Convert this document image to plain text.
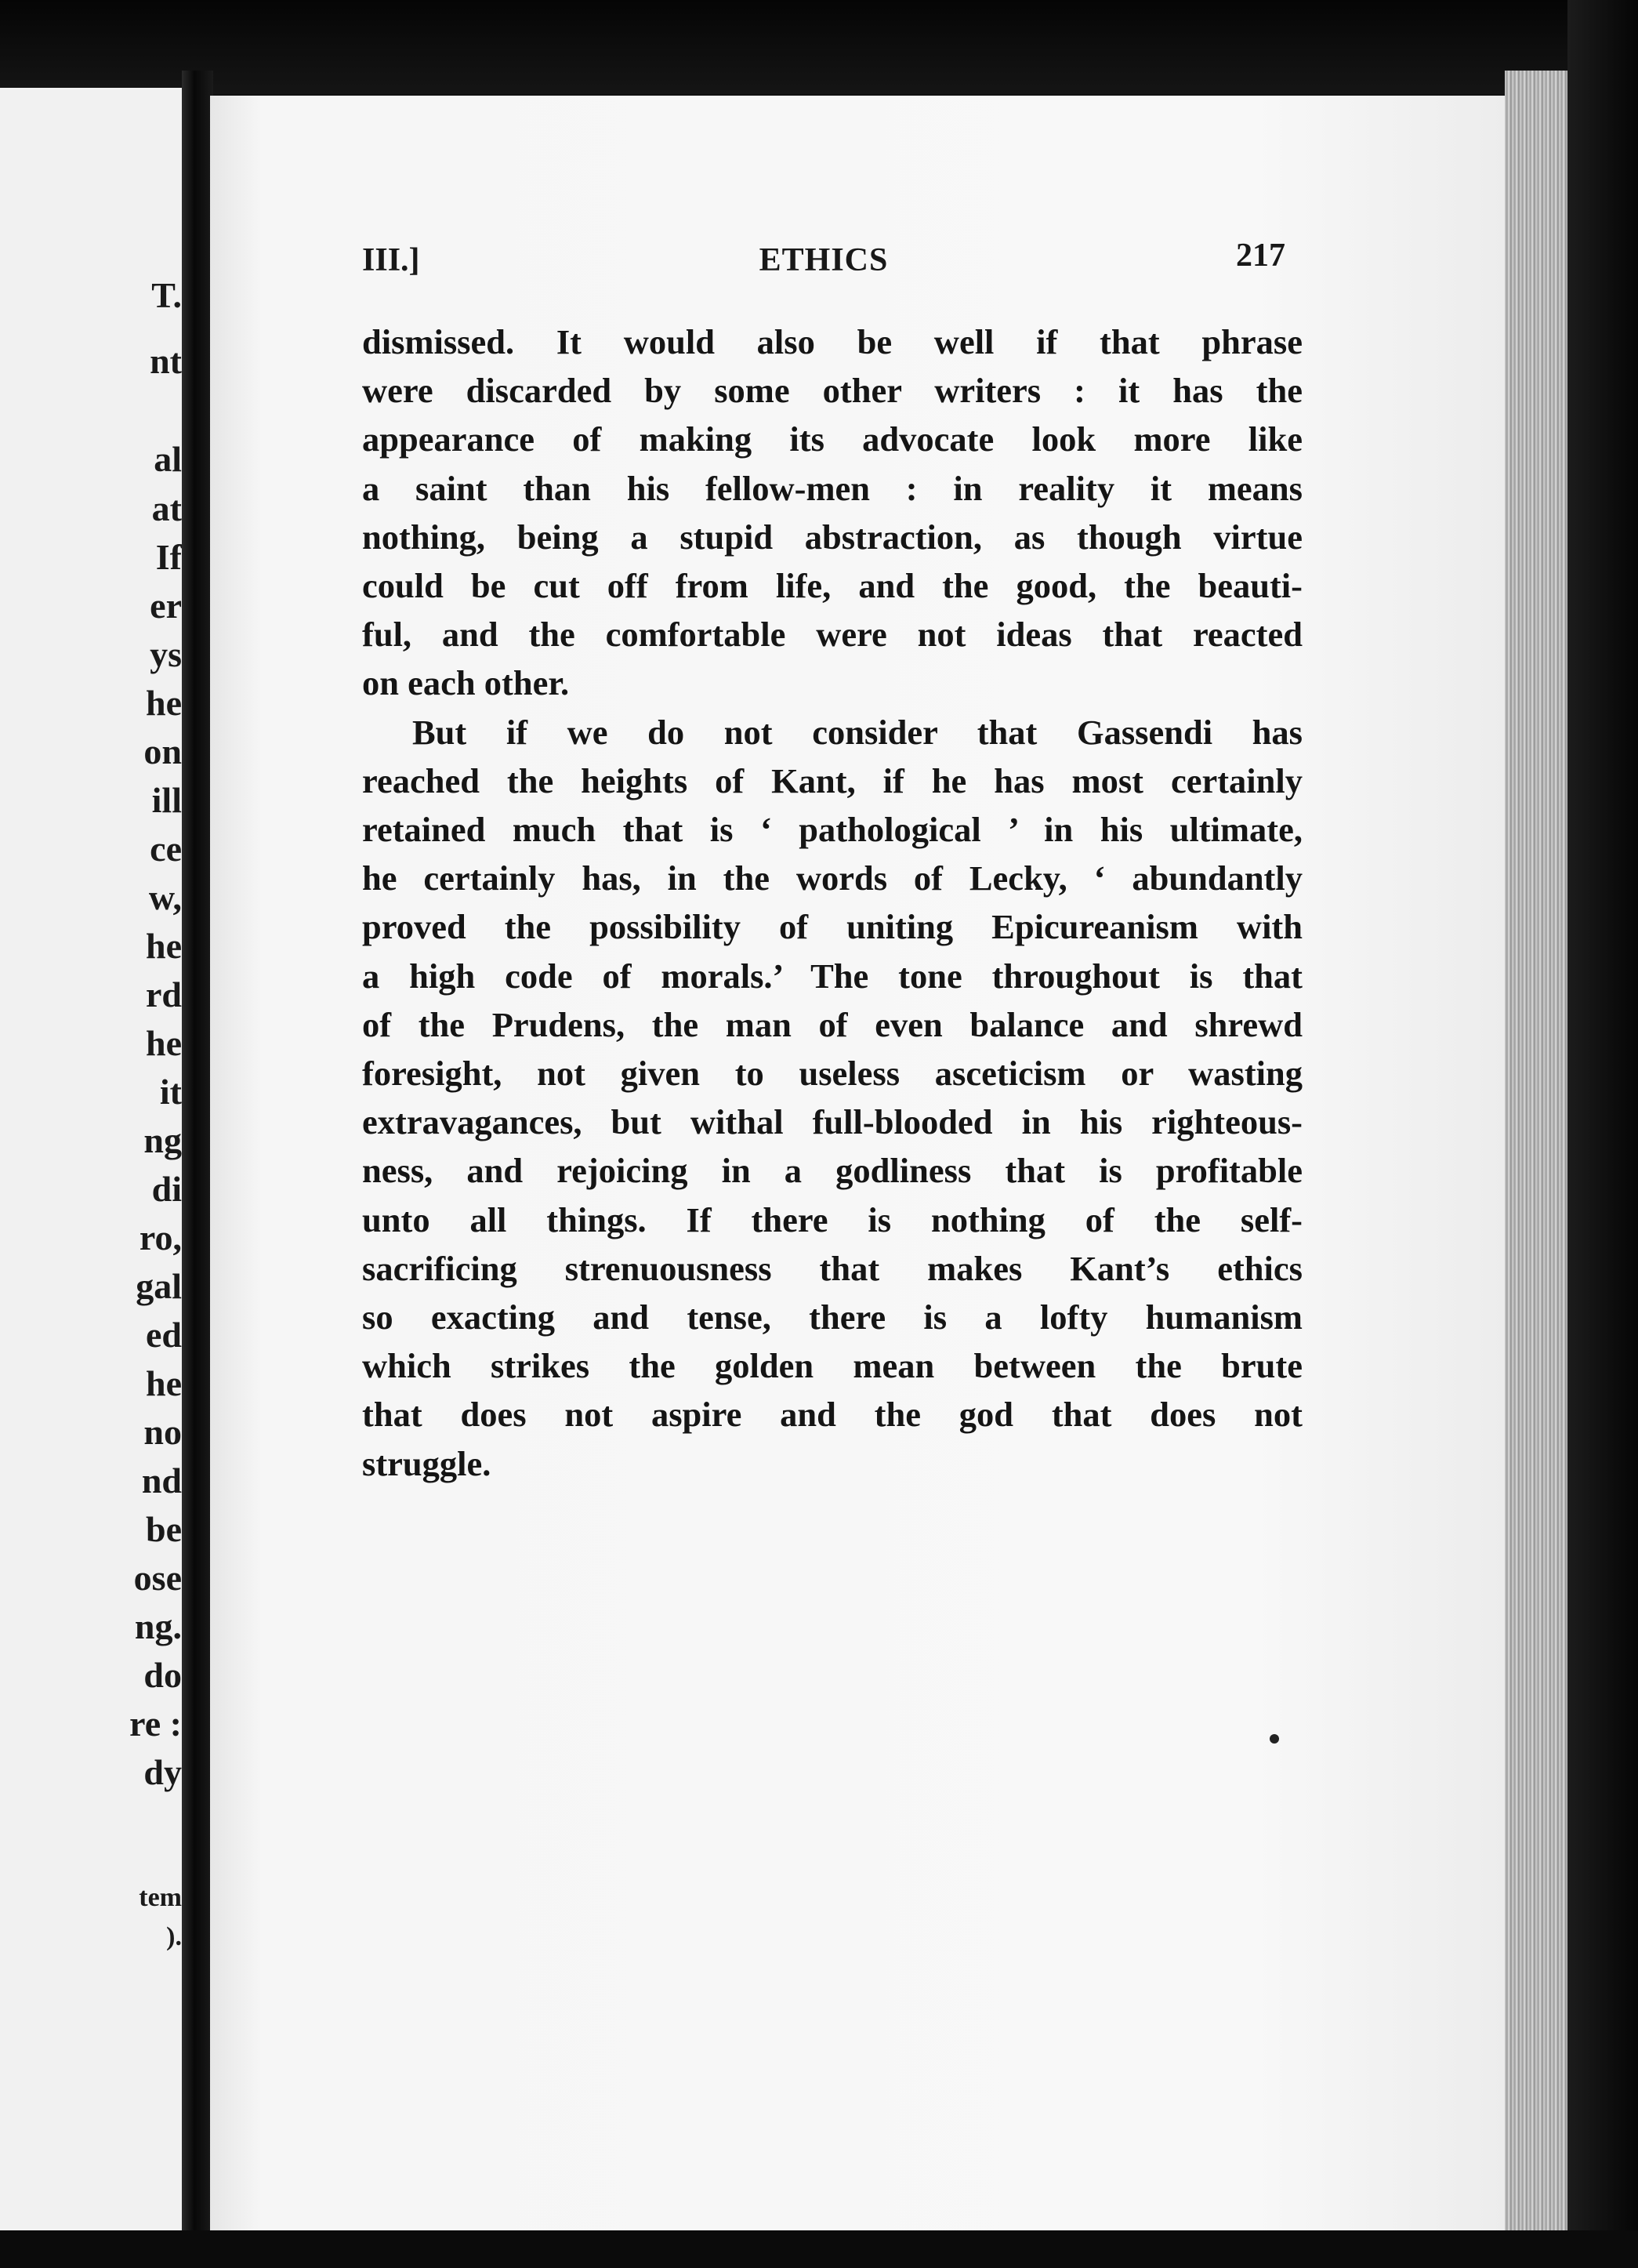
T.
nt
al
at
If
er
ys
he
on
ill
ce
w,
he
rd
he
it
ng
di
ro,
gal
ed
he
no
nd
be
ose
ng.
do
re :
dy
tem
).
III.]	ETHICS	217
dismissed. It would also be well if that phrase
were discarded by some other writers : it has the
appearance of making its advocate look more like
a saint than his fellow-men : in reality it means
nothing, being a stupid abstraction, as though virtue
could be cut off from life, and the good, the beauti-
ful, and the comfortable were not ideas that reacted
on each other.
But if we do not consider that Gassendi has
reached the heights of Kant, if he has most certainly
retained much that is ‘ pathological ’ in his ultimate,
he certainly has, in the words of Lecky, ‘ abundantly
proved the possibility of uniting Epicureanism with
a high code of morals.’ The tone throughout is that
of the Prudens, the man of even balance and shrewd
foresight, not given to useless asceticism or wasting
extravagances, but withal full-blooded in his righteous-
ness, and rejoicing in a godliness that is profitable
unto all things. If there is nothing of the self-
sacrificing strenuousness that makes Kant’s ethics
so exacting and tense, there is a lofty humanism
which strikes the golden mean between the brute
that does not aspire and the god that does not
struggle.
